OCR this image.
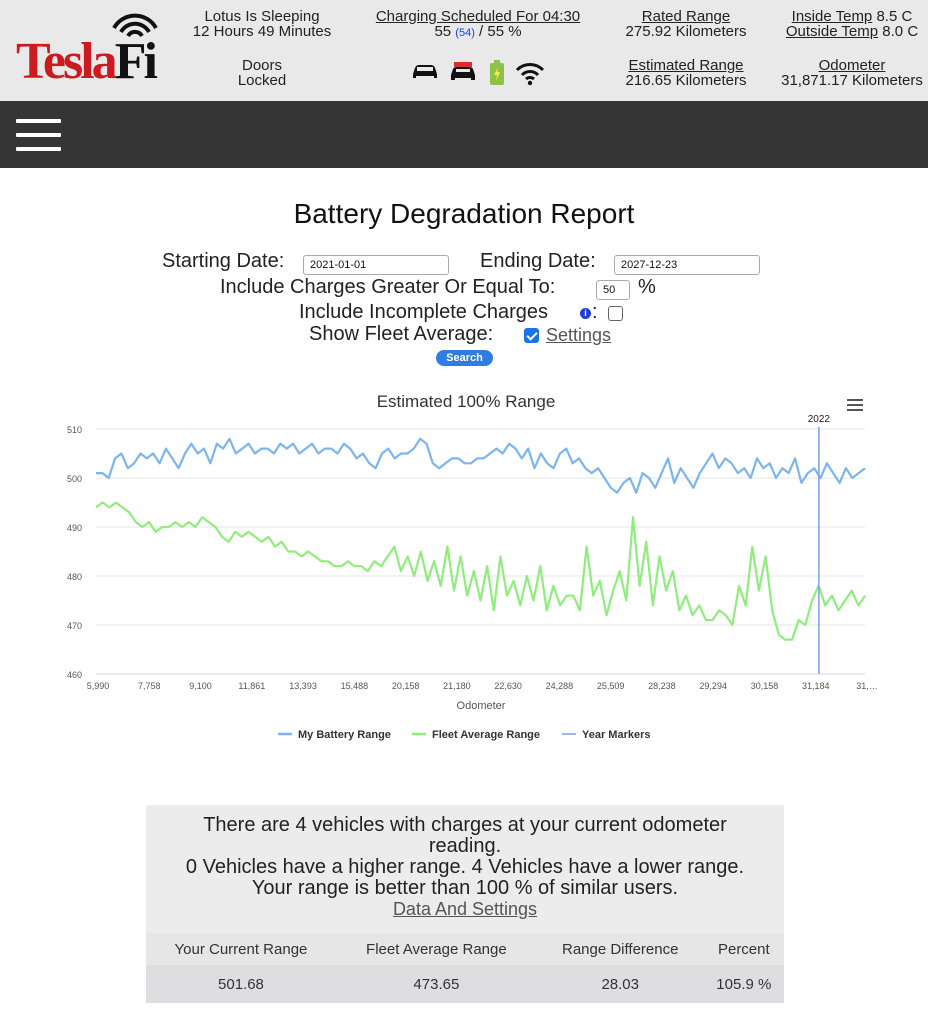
TeslaFi
Lotus Is Sleeping
12 Hours 49 Minutes
Doors
Locked
Charging Scheduled For 04:30
55 (54) / 55 %
Rated Range
275.92 Kilometers
Estimated Range
216.65 Kilometers
Inside Temp 8.5 C
Outside Temp 8.0 C
Odometer
31,871.17 Kilometers
Battery Degradation Report
Starting Date:	2021-01-01	Ending Date:	2027-12-23
Include Charges Greater Or Equal To:	50	%
Include Incomplete Charges	i :
Show Fleet Average:	Settings
Search
Estimated 100% Range
460
470
480
490
500
510
5,990	7,758	9,100	11,861	13,393	15,488	20,158	21,180	22,630	24,288	25,509	28,238	29,294	30,158	31,184	31,…
Odometer
2022
My Battery Range	Fleet Average Range	Year Markers
There are 4 vehicles with charges at your current odometer
reading.
0 Vehicles have a higher range. 4 Vehicles have a lower range.
Your range is better than 100 % of similar users.
Data And Settings
Your Current Range	Fleet Average Range	Range Difference	Percent
501.68	473.65	28.03	105.9 %
